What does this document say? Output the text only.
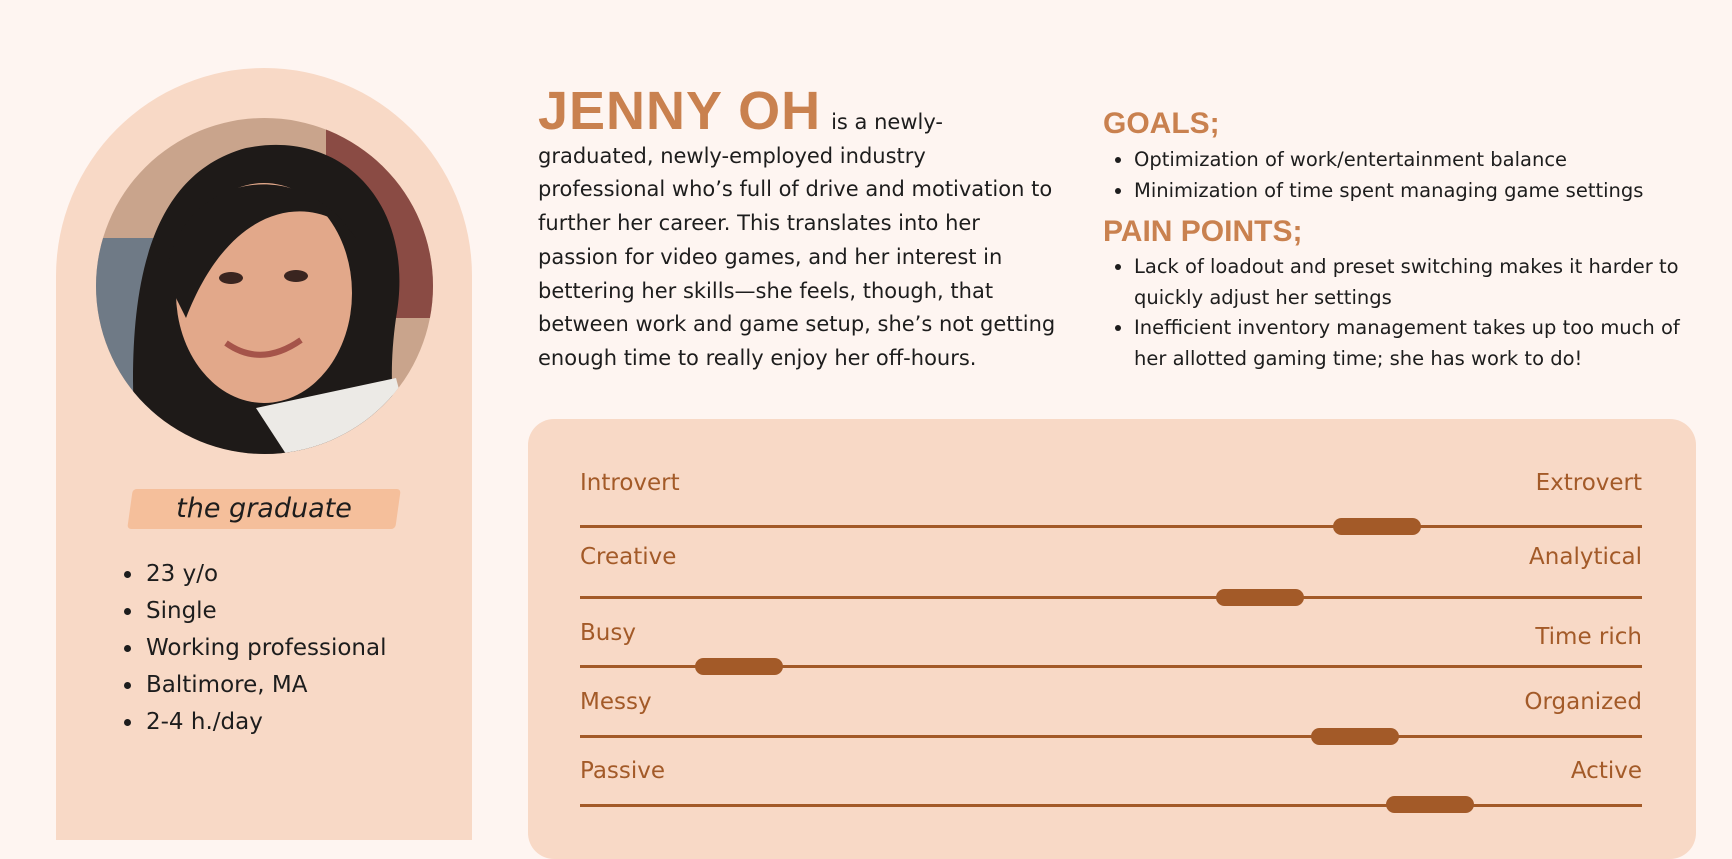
the graduate
• 23 y/o
• Single
• Working professional
• Baltimore, MA
• 2-4 h./day
JENNY OH is a newly-graduated, newly-employed industry professional who’s full of drive and motivation to further her career. This translates into her passion for video games, and her interest in bettering her skills—she feels, though, that between work and game setup, she’s not getting enough time to really enjoy her off-hours.
GOALS;
• Optimization of work/entertainment balance
• Minimization of time spent managing game settings
PAIN POINTS;
• Lack of loadout and preset switching makes it harder to quickly adjust her settings
• Inefficient inventory management takes up too much of her allotted gaming time; she has work to do!
Introvert	Extrovert
Creative	Analytical
Busy	Time rich
Messy	Organized
Passive	Active
